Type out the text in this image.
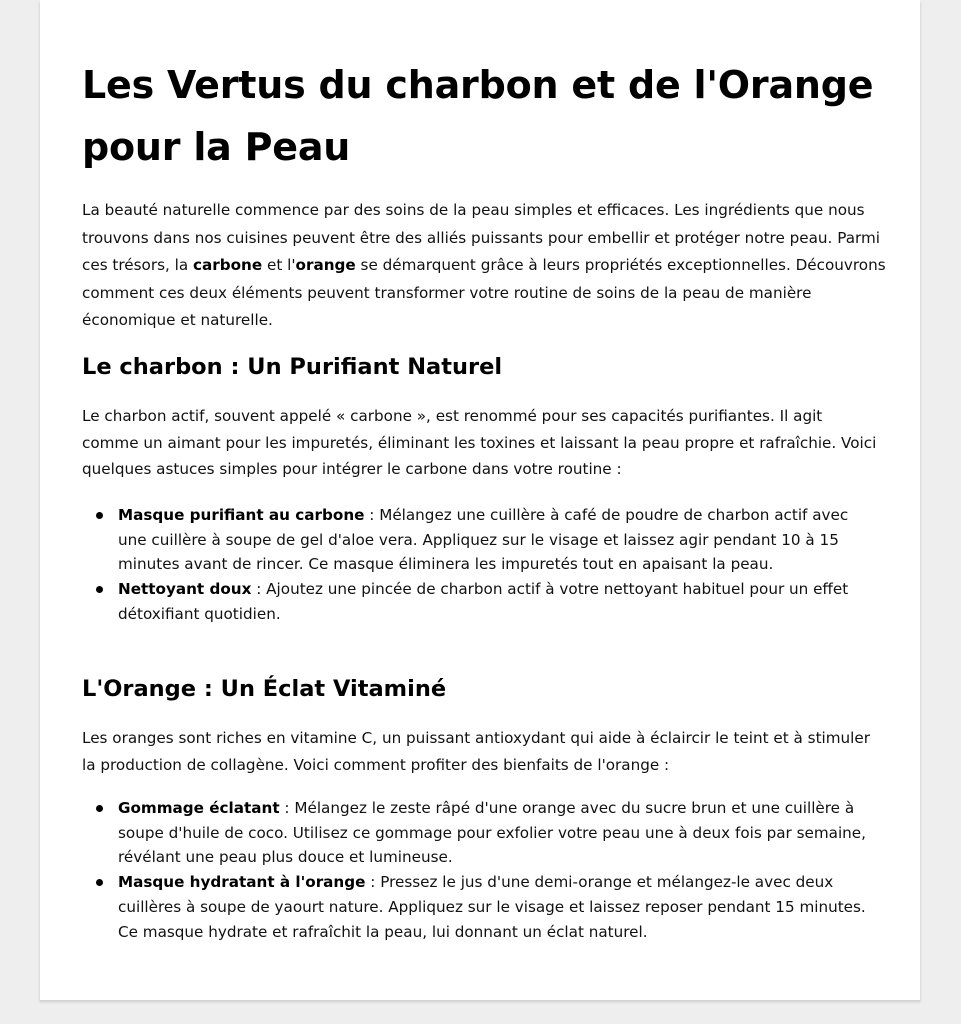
Les Vertus du charbon et de l'Orange pour la Peau

La beauté naturelle commence par des soins de la peau simples et efficaces. Les ingrédients que nous trouvons dans nos cuisines peuvent être des alliés puissants pour embellir et protéger notre peau. Parmi ces trésors, la carbone et l'orange se démarquent grâce à leurs propriétés exceptionnelles. Découvrons comment ces deux éléments peuvent transformer votre routine de soins de la peau de manière économique et naturelle.

Le charbon : Un Purifiant Naturel

Le charbon actif, souvent appelé « carbone », est renommé pour ses capacités purifiantes. Il agit comme un aimant pour les impuretés, éliminant les toxines et laissant la peau propre et rafraîchie. Voici quelques astuces simples pour intégrer le carbone dans votre routine :

Masque purifiant au carbone : Mélangez une cuillère à café de poudre de charbon actif avec une cuillère à soupe de gel d'aloe vera. Appliquez sur le visage et laissez agir pendant 10 à 15 minutes avant de rincer. Ce masque éliminera les impuretés tout en apaisant la peau.
Nettoyant doux : Ajoutez une pincée de charbon actif à votre nettoyant habituel pour un effet détoxifiant quotidien.
L'Orange : Un Éclat Vitaminé

Les oranges sont riches en vitamine C, un puissant antioxydant qui aide à éclaircir le teint et à stimuler la production de collagène. Voici comment profiter des bienfaits de l'orange :

Gommage éclatant : Mélangez le zeste râpé d'une orange avec du sucre brun et une cuillère à soupe d'huile de coco. Utilisez ce gommage pour exfolier votre peau une à deux fois par semaine, révélant une peau plus douce et lumineuse.
Masque hydratant à l'orange : Pressez le jus d'une demi-orange et mélangez-le avec deux cuillères à soupe de yaourt nature. Appliquez sur le visage et laissez reposer pendant 15 minutes. Ce masque hydrate et rafraîchit la peau, lui donnant un éclat naturel.
